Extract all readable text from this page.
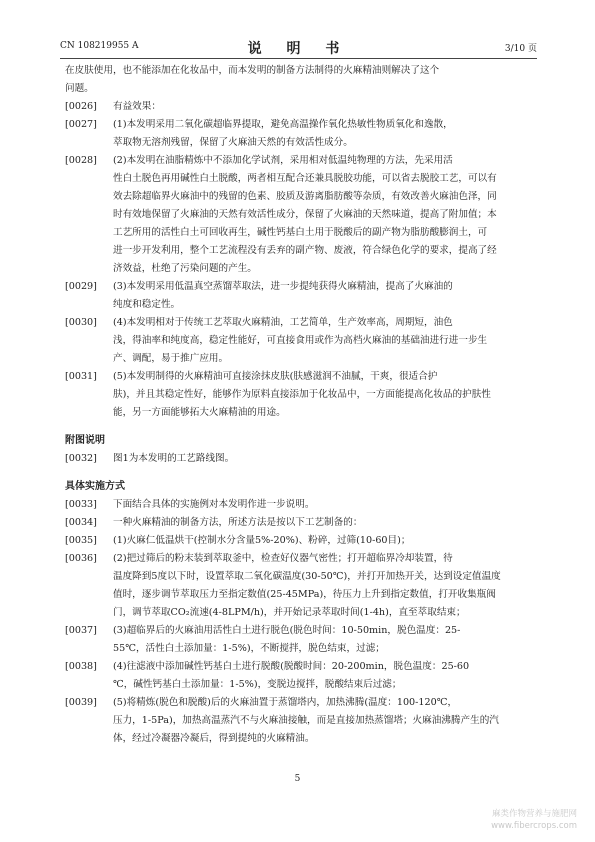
CN 108219955 A	说 明 书	3/10 页
在皮肤使用，也不能添加在化妆品中，而本发明的制备方法制得的火麻精油则解决了这个
问题。
[0026]	有益效果：
[0027]	(1)本发明采用二氧化碳超临界提取，避免高温操作氧化热敏性物质氧化和逸散，
萃取物无溶剂残留，保留了火麻油天然的有效活性成分。
[0028]	(2)本发明在油脂精炼中不添加化学试剂，采用相对低温纯物理的方法，先采用活
性白土脱色再用碱性白土脱酸，两者相互配合还兼具脱胶功能，可以省去脱胶工艺，可以有
效去除超临界火麻油中的残留的色素、胶质及游离脂肪酸等杂质，有效改善火麻油色泽，同
时有效地保留了火麻油的天然有效活性成分，保留了火麻油的天然味道，提高了附加值；本
工艺所用的活性白土可回收再生，碱性钙基白土用于脱酸后的副产物为脂肪酸膨润土，可
进一步开发利用，整个工艺流程没有丢弃的副产物、废液，符合绿色化学的要求，提高了经
济效益，杜绝了污染问题的产生。
[0029]	(3)本发明采用低温真空蒸馏萃取法，进一步提纯获得火麻精油，提高了火麻油的
纯度和稳定性。
[0030]	(4)本发明相对于传统工艺萃取火麻精油，工艺简单，生产效率高，周期短，油色
浅，得油率和纯度高，稳定性能好，可直接食用或作为高档火麻油的基础油进行进一步生
产、调配，易于推广应用。
[0031]	(5)本发明制得的火麻精油可直接涂抹皮肤(肤感滋润不油腻，干爽，很适合护
肤)，并且其稳定性好，能够作为原料直接添加于化妆品中，一方面能提高化妆品的护肤性
能，另一方面能够拓大火麻精油的用途。
附图说明
[0032]	图1为本发明的工艺路线图。
具体实施方式
[0033]	下面结合具体的实施例对本发明作进一步说明。
[0034]	一种火麻精油的制备方法，所述方法是按以下工艺制备的：
[0035]	(1)火麻仁低温烘干(控制水分含量5%-20%)、粉碎，过筛(10-60目)；
[0036]	(2)把过筛后的粉末装到萃取釜中，检查好仪器气密性；打开超临界冷却装置，待
温度降到5度以下时，设置萃取二氧化碳温度(30-50℃)，并打开加热开关，达到设定值温度
值时，逐步调节萃取压力至指定数值(25-45MPa)，待压力上升到指定数值，打开收集瓶阀
门，调节萃取CO₂流速(4-8LPM/h)，并开始记录萃取时间(1-4h)，直至萃取结束；
[0037]	(3)超临界后的火麻油用活性白土进行脱色(脱色时间：10-50min，脱色温度：25-
55℃，活性白土添加量：1-5%)，不断搅拌，脱色结束，过滤；
[0038]	(4)往滤液中添加碱性钙基白土进行脱酸(脱酸时间：20-200min，脱色温度：25-60
℃，碱性钙基白土添加量：1-5%)，变脱边搅拌，脱酸结束后过滤；
[0039]	(5)将精炼(脱色和脱酸)后的火麻油置于蒸馏塔内，加热沸腾(温度：100-120℃，
压力，1-5Pa)，加热高温蒸汽不与火麻油接触，而是直接加热蒸馏塔；火麻油沸腾产生的汽
体，经过冷凝器冷凝后，得到提纯的火麻精油。
5
麻类作物营养与施肥网
www.fibercrops.com
